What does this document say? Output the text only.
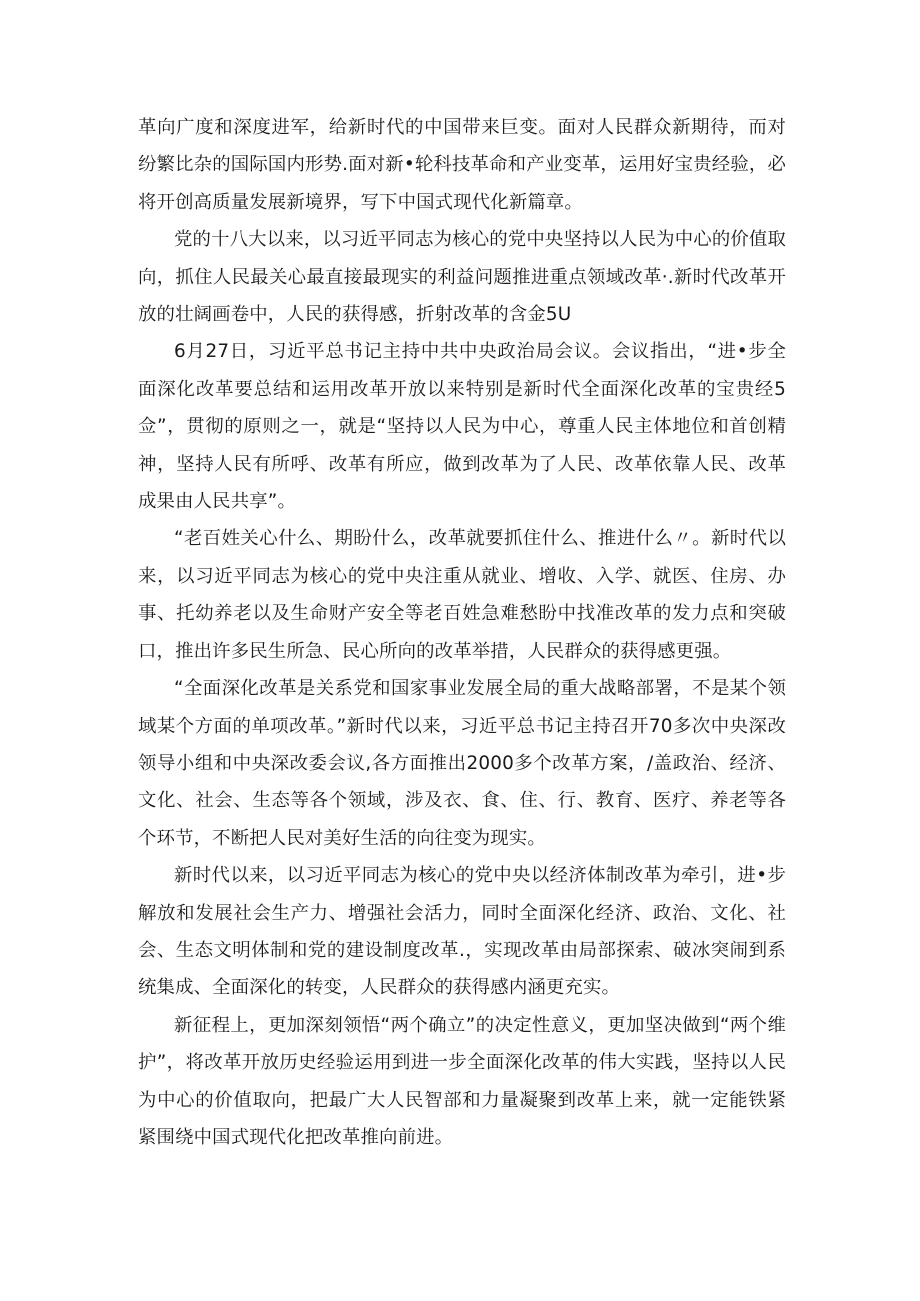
革向广度和深度进军，给新时代的中国带来巨变。面对人民群众新期待，而对纷繁比杂的国际国内形势.面对新•轮科技革命和产业变革，运用好宝贵经验，必将开创高质量发展新境界，写下中国式现代化新篇章。

党的十八大以来，以习近平同志为核心的党中央坚持以人民为中心的价值取向，抓住人民最关心最直接最现实的利益问题推进重点领域改革·.新时代改革开放的壮阔画卷中，人民的获得感，折射改革的含金5U

6月27日，习近平总书记主持中共中央政治局会议。会议指出，“进•步全面深化改革要总结和运用改革开放以来特别是新时代全面深化改革的宝贵经5佥”，贯彻的原则之一，就是“坚持以人民为中心，尊重人民主体地位和首创精神，坚持人民有所呼、改革有所应，做到改革为了人民、改革依靠人民、改革成果由人民共享”。

“老百姓关心什么、期盼什么，改革就要抓住什么、推进什么〃。新时代以来，以习近平同志为核心的党中央注重从就业、增收、入学、就医、住房、办事、托幼养老以及生命财产安全等老百姓急难愁盼中找准改革的发力点和突破口，推出许多民生所急、民心所向的改革举措，人民群众的获得感更强。

“全面深化改革是关系党和国家事业发展全局的重大战略部署，不是某个领域某个方面的单项改革。”新时代以来，习近平总书记主持召开70多次中央深改领导小组和中央深改委会议,各方面推出2000多个改革方案，/盖政治、经济、文化、社会、生态等各个领域，涉及衣、食、住、行、教育、医疗、养老等各个环节，不断把人民对美好生活的向往变为现实。

新时代以来，以习近平同志为核心的党中央以经济体制改革为牵引，进•步解放和发展社会生产力、增强社会活力，同时全面深化经济、政治、文化、社会、生态文明体制和党的建设制度改革.，实现改革由局部探索、破冰突闹到系统集成、全面深化的转变，人民群众的获得感内涵更充实。

新征程上，更加深刻领悟“两个确立”的决定性意义，更加坚决做到“两个维护”，将改革开放历史经验运用到进一步全面深化改革的伟大实践，坚持以人民为中心的价值取向，把最广大人民智部和力量凝聚到改革上来，就一定能铁紧紧围绕中国式现代化把改革推向前进。
